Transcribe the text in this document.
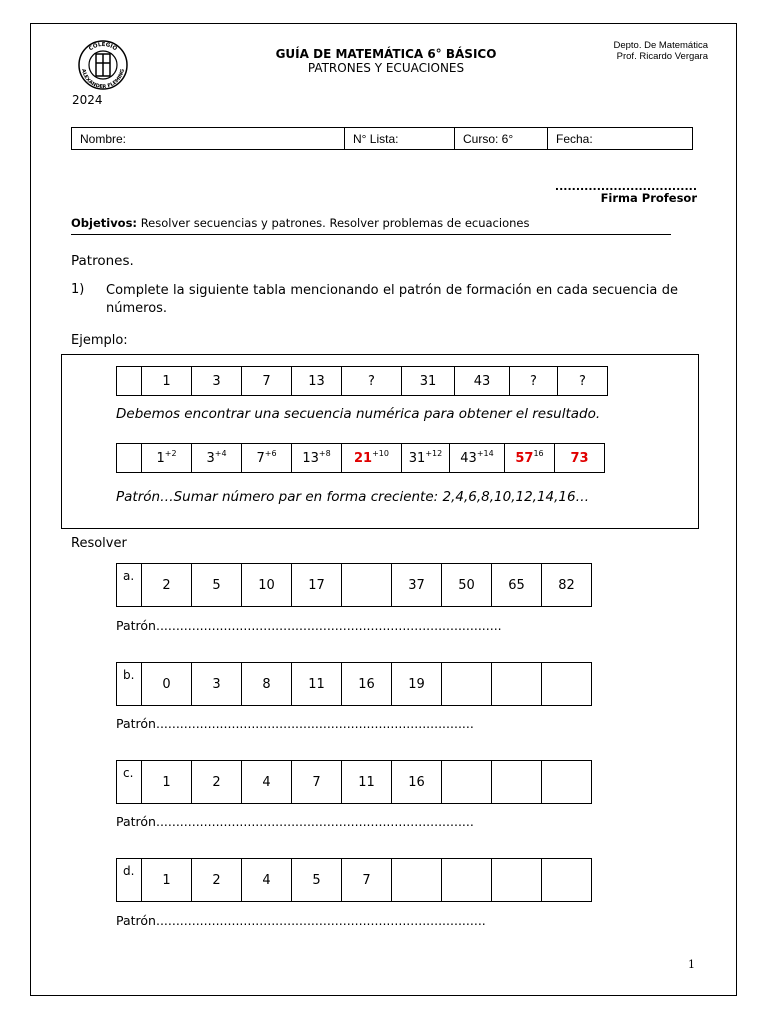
COLEGIO
ALEXANDER FLEMING
2024
GUÍA DE MATEMÁTICA 6° BÁSICO
PATRONES Y ECUACIONES
Depto. De Matemática
Prof. Ricardo Vergara
Nombre:	N° Lista:	Curso: 6°	Fecha:
..................................
Firma Profesor
Objetivos: Resolver secuencias y patrones. Resolver problemas de ecuaciones
Patrones.
1) Complete la siguiente tabla mencionando el patrón de formación en cada secuencia de números.
Ejemplo:
	1	3	7	13	?	31	43	?	?
Debemos encontrar una secuencia numérica para obtener el resultado.
	$1^{+2}$	$3^{+4}$	$7^{+6}$	$13^{+8}$	$21^{+10}$	$31^{+12}$	$43^{+14}$	$57^{16}$	73
Patrón…Sumar número par en forma creciente: 2,4,6,8,10,12,14,16…
Resolver
a.
	2	5	10	17		37	50	65	82
Patrón.......................................................................................
b.
	0	3	8	11	16	19			
Patrón................................................................................
c.
	1	2	4	7	11	16			
Patrón................................................................................
d.
	1	2	4	5	7				
Patrón...................................................................................
1
